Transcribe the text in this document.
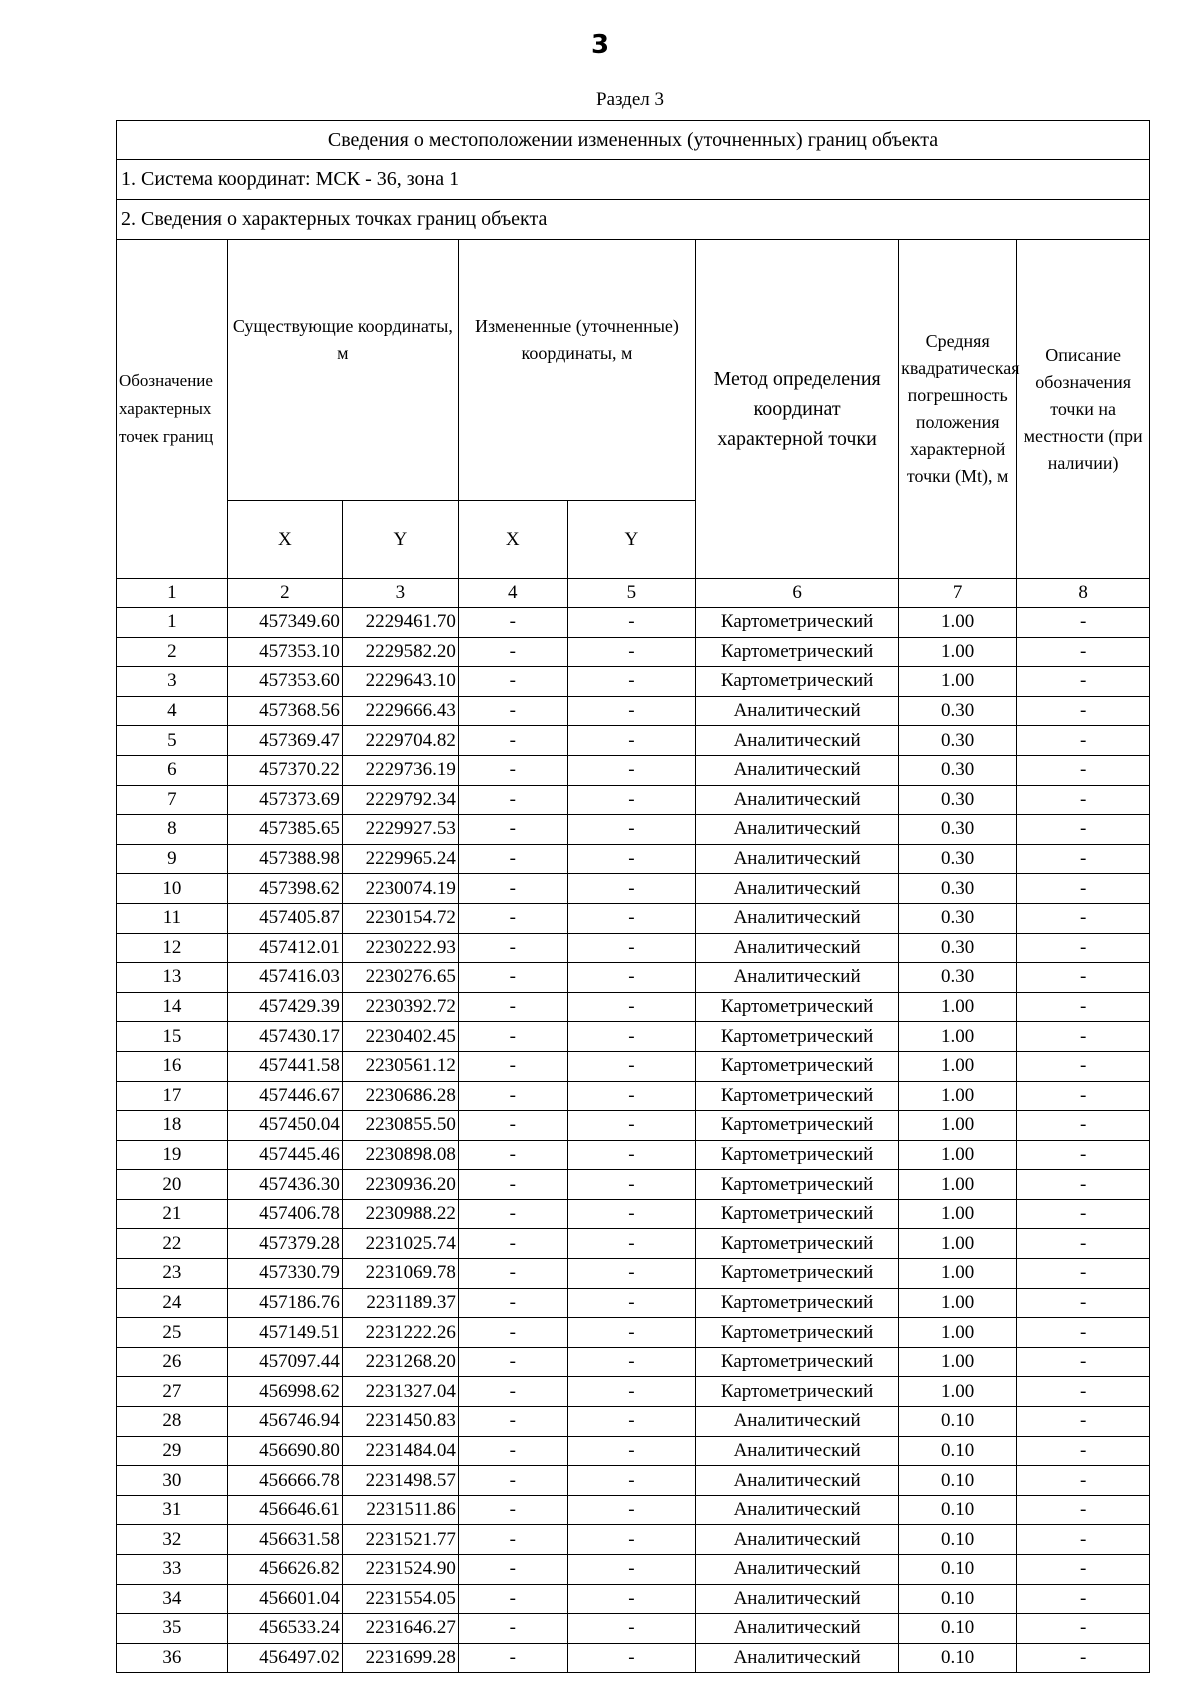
3
Раздел 3
Сведения о местоположении измененных (уточненных) границ объекта							
1. Система координат: МСК - 36, зона 1							
2. Сведения о характерных точках границ объекта							
Обозначение характерных точек границ	Существующие координаты, м		Измененные (уточненные) координаты, м		Метод определения координат характерной точки	Средняя квадратическая погрешность положения характерной точки (Mt), м	Описание обозначения точки на местности (при наличии)
	X	Y	X	Y			
1	2	3	4	5	6	7	8
1	457349.60	2229461.70	-	-	Картометрический	1.00	-
2	457353.10	2229582.20	-	-	Картометрический	1.00	-
3	457353.60	2229643.10	-	-	Картометрический	1.00	-
4	457368.56	2229666.43	-	-	Аналитический	0.30	-
5	457369.47	2229704.82	-	-	Аналитический	0.30	-
6	457370.22	2229736.19	-	-	Аналитический	0.30	-
7	457373.69	2229792.34	-	-	Аналитический	0.30	-
8	457385.65	2229927.53	-	-	Аналитический	0.30	-
9	457388.98	2229965.24	-	-	Аналитический	0.30	-
10	457398.62	2230074.19	-	-	Аналитический	0.30	-
11	457405.87	2230154.72	-	-	Аналитический	0.30	-
12	457412.01	2230222.93	-	-	Аналитический	0.30	-
13	457416.03	2230276.65	-	-	Аналитический	0.30	-
14	457429.39	2230392.72	-	-	Картометрический	1.00	-
15	457430.17	2230402.45	-	-	Картометрический	1.00	-
16	457441.58	2230561.12	-	-	Картометрический	1.00	-
17	457446.67	2230686.28	-	-	Картометрический	1.00	-
18	457450.04	2230855.50	-	-	Картометрический	1.00	-
19	457445.46	2230898.08	-	-	Картометрический	1.00	-
20	457436.30	2230936.20	-	-	Картометрический	1.00	-
21	457406.78	2230988.22	-	-	Картометрический	1.00	-
22	457379.28	2231025.74	-	-	Картометрический	1.00	-
23	457330.79	2231069.78	-	-	Картометрический	1.00	-
24	457186.76	2231189.37	-	-	Картометрический	1.00	-
25	457149.51	2231222.26	-	-	Картометрический	1.00	-
26	457097.44	2231268.20	-	-	Картометрический	1.00	-
27	456998.62	2231327.04	-	-	Картометрический	1.00	-
28	456746.94	2231450.83	-	-	Аналитический	0.10	-
29	456690.80	2231484.04	-	-	Аналитический	0.10	-
30	456666.78	2231498.57	-	-	Аналитический	0.10	-
31	456646.61	2231511.86	-	-	Аналитический	0.10	-
32	456631.58	2231521.77	-	-	Аналитический	0.10	-
33	456626.82	2231524.90	-	-	Аналитический	0.10	-
34	456601.04	2231554.05	-	-	Аналитический	0.10	-
35	456533.24	2231646.27	-	-	Аналитический	0.10	-
36	456497.02	2231699.28	-	-	Аналитический	0.10	-
